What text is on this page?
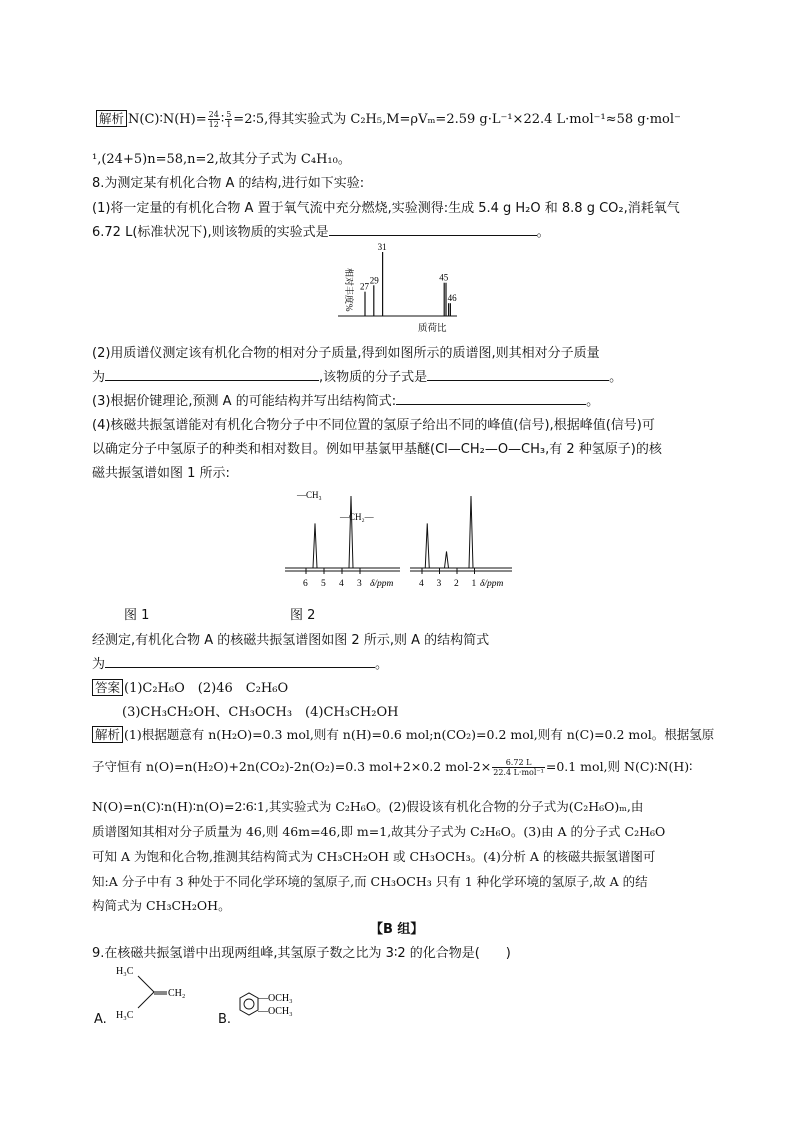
解析 N(C)∶N(H)= $\frac{24}{12}$ ∶ $\frac{5}{1}$ =2∶5,得其实验式为 C₂H₅,M=ρVₘ=2.59 g·L⁻¹×22.4 L·mol⁻¹≈58 g·mol⁻
¹,(24+5)n=58,n=2,故其分子式为 C₄H₁₀。
8.为测定某有机化合物 A 的结构,进行如下实验:
(1)将一定量的有机化合物 A 置于氧气流中充分燃烧,实验测得:生成 5.4 g H₂O 和 8.8 g CO₂,消耗氧气
6.72 L(标准状况下),则该物质的实验式是	。
相对丰度% 27
29
31
45
46
质荷比
(2)用质谱仪测定该有机化合物的相对分子质量,得到如图所示的质谱图,则其相对分子质量
为	,该物质的分子式是	。
(3)根据价键理论,预测 A 的可能结构并写出结构简式:	。
(4)核磁共振氢谱能对有机化合物分子中不同位置的氢原子给出不同的峰值(信号),根据峰值(信号)可
以确定分子中氢原子的种类和相对数目。例如甲基氯甲基醚(Cl—CH₂—O—CH₃,有 2 种氢原子)的核
磁共振氢谱如图 1 所示:
—CH₃
—CH₂—
6 5 4 3 δ/ppm	4 3 2 1 δ/ppm
图 1	图 2
经测定,有机化合物 A 的核磁共振氢谱图如图 2 所示,则 A 的结构简式
为	。
答案 (1)C₂H₆O　(2)46　C₂H₆O
(3)CH₃CH₂OH、CH₃OCH₃　(4)CH₃CH₂OH
解析 (1)根据题意有 n(H₂O)=0.3 mol,则有 n(H)=0.6 mol;n(CO₂)=0.2 mol,则有 n(C)=0.2 mol。根据氢原
子守恒有 n(O)=n(H₂O)+2n(CO₂)-2n(O₂)=0.3 mol+2×0.2 $mol-2\times \frac{6.72 L}{\text{22.4 L·mol⁻¹}} =0.1$ mol,则 N(C)∶N(H)∶
N(O)=n(C)∶n(H)∶n(O)=2∶6∶1,其实验式为 C₂H₆O。(2)假设该有机化合物的分子式为(C₂H₆O)ₘ,由
质谱图知其相对分子质量为 46,则 46m=46,即 m=1,故其分子式为 C₂H₆O。(3)由 A 的分子式 C₂H₆O
可知 A 为饱和化合物,推测其结构简式为 CH₃CH₂OH 或 CH₃OCH₃。(4)分析 A 的核磁共振氢谱图可
知:A 分子中有 3 种处于不同化学环境的氢原子,而 CH₃OCH₃ 只有 1 种化学环境的氢原子,故 A 的结
构简式为 CH₃CH₂OH。
【B 组】
9.在核磁共振氢谱中出现两组峰,其氢原子数之比为 3∶2 的化合物是(　　)
A.
H₃C
H₃C
CH₂
B.
—OCH₃
—OCH₃
